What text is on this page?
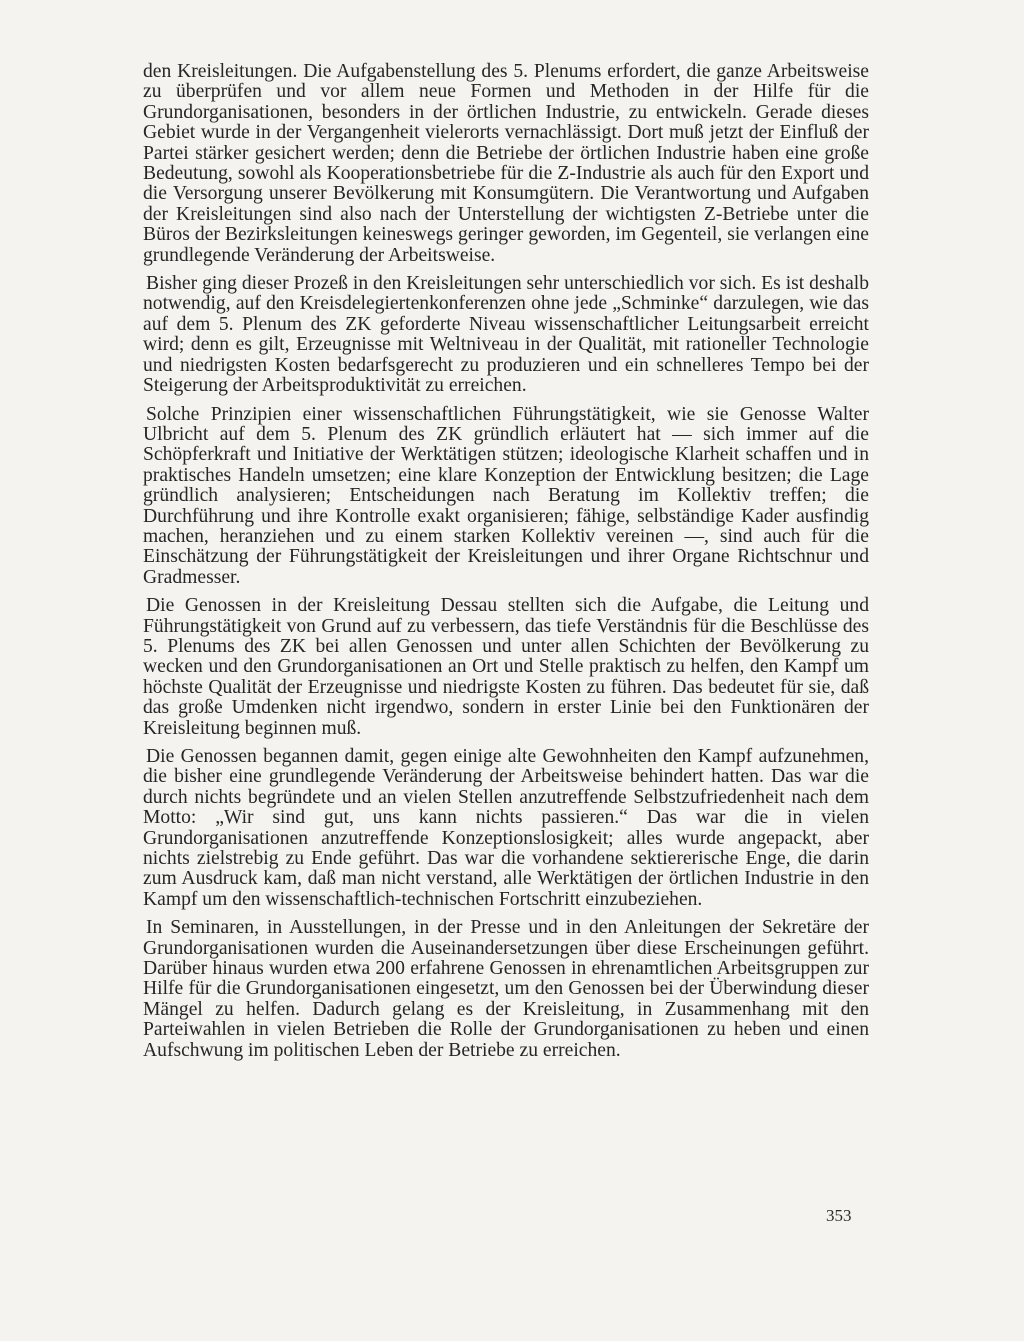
den Kreisleitungen. Die Aufgabenstellung des 5. Plenums erfordert, die ganze Arbeitsweise zu überprüfen und vor allem neue Formen und Methoden in der Hilfe für die Grundorganisationen, besonders in der örtlichen Industrie, zu entwickeln. Gerade dieses Gebiet wurde in der Vergangenheit vielerorts vernachlässigt. Dort muß jetzt der Einfluß der Partei stärker gesichert werden; denn die Betriebe der örtlichen Industrie haben eine große Bedeutung, sowohl als Kooperationsbetriebe für die Z-Industrie als auch für den Export und die Versorgung unserer Bevölkerung mit Konsumgütern. Die Verantwortung und Aufgaben der Kreisleitungen sind also nach der Unterstellung der wichtigsten Z-Betriebe unter die Büros der Bezirksleitungen keineswegs geringer geworden, im Gegenteil, sie verlangen eine grundlegende Veränderung der Arbeitsweise.

Bisher ging dieser Prozeß in den Kreisleitungen sehr unterschiedlich vor sich. Es ist deshalb notwendig, auf den Kreisdelegiertenkonferenzen ohne jede „Schminke“ darzulegen, wie das auf dem 5. Plenum des ZK geforderte Niveau wissenschaftlicher Leitungsarbeit erreicht wird; denn es gilt, Erzeugnisse mit Weltniveau in der Qualität, mit rationeller Technologie und niedrigsten Kosten bedarfsgerecht zu produzieren und ein schnelleres Tempo bei der Steigerung der Arbeitsproduktivität zu erreichen.

Solche Prinzipien einer wissenschaftlichen Führungstätigkeit, wie sie Genosse Walter Ulbricht auf dem 5. Plenum des ZK gründlich erläutert hat — sich immer auf die Schöpferkraft und Initiative der Werktätigen stützen; ideologische Klarheit schaffen und in praktisches Handeln umsetzen; eine klare Konzeption der Entwicklung besitzen; die Lage gründlich analysieren; Entscheidungen nach Beratung im Kollektiv treffen; die Durchführung und ihre Kontrolle exakt organisieren; fähige, selbständige Kader ausfindig machen, heranziehen und zu einem starken Kollektiv vereinen —, sind auch für die Einschätzung der Führungstätigkeit der Kreisleitungen und ihrer Organe Richtschnur und Gradmesser.

Die Genossen in der Kreisleitung Dessau stellten sich die Aufgabe, die Leitung und Führungstätigkeit von Grund auf zu verbessern, das tiefe Verständnis für die Beschlüsse des 5. Plenums des ZK bei allen Genossen und unter allen Schichten der Bevölkerung zu wecken und den Grundorganisationen an Ort und Stelle praktisch zu helfen, den Kampf um höchste Qualität der Erzeugnisse und niedrigste Kosten zu führen. Das bedeutet für sie, daß das große Umdenken nicht irgendwo, sondern in erster Linie bei den Funktionären der Kreisleitung beginnen muß.

Die Genossen begannen damit, gegen einige alte Gewohnheiten den Kampf aufzunehmen, die bisher eine grundlegende Veränderung der Arbeitsweise behindert hatten. Das war die durch nichts begründete und an vielen Stellen anzutreffende Selbstzufriedenheit nach dem Motto: „Wir sind gut, uns kann nichts passieren.“ Das war die in vielen Grundorganisationen anzutreffende Konzeptionslosigkeit; alles wurde angepackt, aber nichts zielstrebig zu Ende geführt. Das war die vorhandene sektiererische Enge, die darin zum Ausdruck kam, daß man nicht verstand, alle Werktätigen der örtlichen Industrie in den Kampf um den wissenschaftlich-technischen Fortschritt einzubeziehen.

In Seminaren, in Ausstellungen, in der Presse und in den Anleitungen der Sekretäre der Grundorganisationen wurden die Auseinandersetzungen über diese Erscheinungen geführt. Darüber hinaus wurden etwa 200 erfahrene Genossen in ehrenamtlichen Arbeitsgruppen zur Hilfe für die Grundorganisationen eingesetzt, um den Genossen bei der Überwindung dieser Mängel zu helfen. Dadurch gelang es der Kreisleitung, in Zusammenhang mit den Parteiwahlen in vielen Betrieben die Rolle der Grundorganisationen zu heben und einen Aufschwung im politischen Leben der Betriebe zu erreichen.

353
